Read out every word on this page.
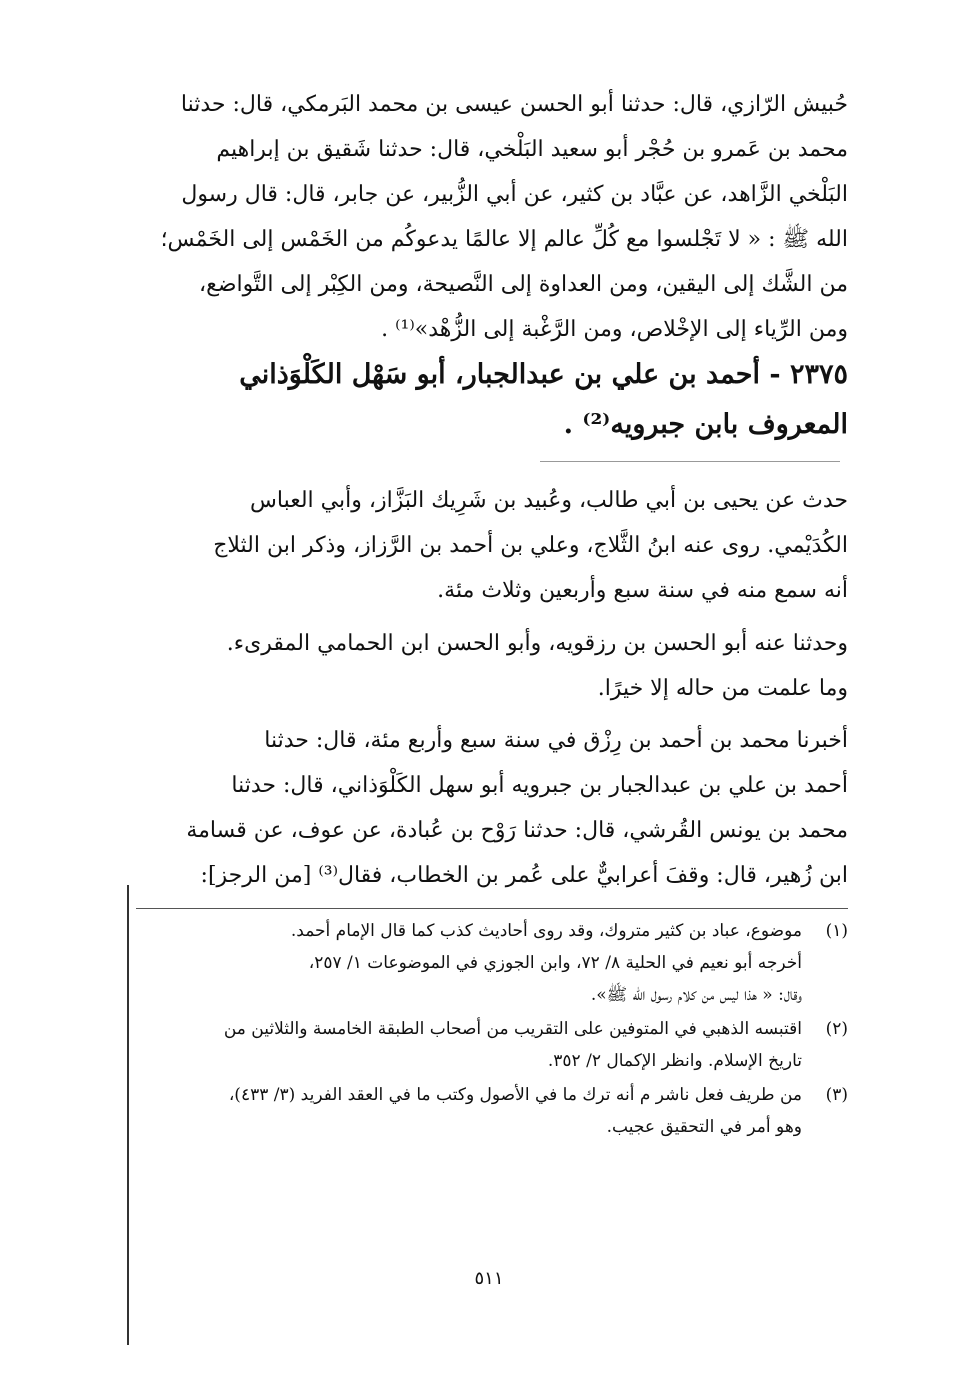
حُبيش الرّازي، قال: حدثنا أبو الحسن عيسى بن محمد البَرمكي، قال: حدثنا
محمد بن عَمرو بن حُجْر أبو سعيد البَلْخي، قال: حدثنا شَقيق بن إبراهيم
البَلْخي الزَّاهد، عن عبَّاد بن كثير، عن أبي الزُّبير، عن جابر، قال: قال رسول
الله ﷺ : « لا تَجْلسوا مع كُلِّ عالم إلا عالمًا يدعوكُم من الخَمْس إلى الخَمْس؛
من الشَّك إلى اليقين، ومن العداوة إلى النَّصيحة، ومن الكِبْر إلى التَّواضع،
ومن الرِّياء إلى الإخْلاص، ومن الرَّغْبة إلى الزُّهْد»⁽¹⁾ .
٢٣٧٥ - أحمد بن علي بن عبدالجبار، أبو سَهْل الكَلْوَذاني
المعروف بابن جبرويه⁽²⁾ .
حدث عن يحيى بن أبي طالب، وعُبيد بن شَرِيك البَزَّاز، وأبي العباس
الكُدَيْمي. روى عنه ابنُ الثَّلاج، وعلي بن أحمد بن الرَّزاز، وذكر ابن الثلاج
أنه سمع منه في سنة سبع وأربعين وثلاث مئة.
وحدثنا عنه أبو الحسن بن رزقويه، وأبو الحسن ابن الحمامي المقرىء.
وما علمت من حاله إلا خيرًا.
أخبرنا محمد بن أحمد بن رِزْق في سنة سبع وأربع مئة، قال: حدثنا
أحمد بن علي بن عبدالجبار بن جبرويه أبو سهل الكَلْوَذاني، قال: حدثنا
محمد بن يونس القُرشي، قال: حدثنا رَوْح بن عُبادة، عن عوف، عن قسامة
ابن زُهير، قال: وقفَ أعرابيٌّ على عُمر بن الخطاب، فقال⁽³⁾ [من الرجز]:
(١)
موضوع، عباد بن كثير متروك، وقد روى أحاديث كذب كما قال الإمام أحمد.
أخرجه أبو نعيم في الحلية ٨/ ٧٢، وابن الجوزي في الموضوعات ١/ ٢٥٧،
وقال: « هذا ليس من كلام رسول الله ﷺ».
(٢)
اقتبسه الذهبي في المتوفين على التقريب من أصحاب الطبقة الخامسة والثلاثين من
تاريخ الإسلام. وانظر الإكمال ٢/ ٣٥٢.
(٣)
من طريف فعل ناشر م أنه ترك ما في الأصول وكتب ما في العقد الفريد (٣/ ٤٣٣)،
وهو أمر في التحقيق عجيب.
٥١١
